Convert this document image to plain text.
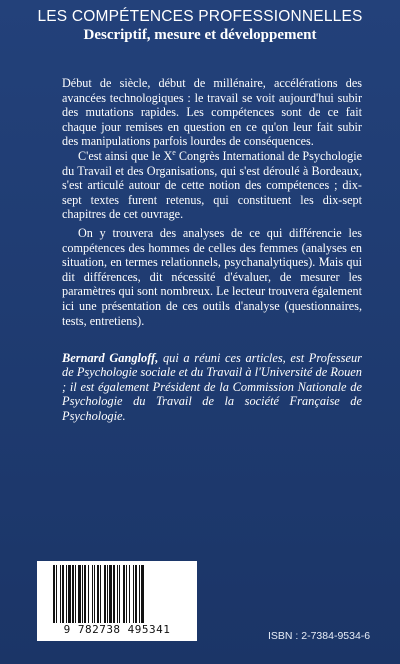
LES COMPÉTENCES PROFESSIONNELLES
Descriptif, mesure et développement

Début de siècle, début de millénaire, accélérations des avancées technologiques : le travail se voit aujourd'hui subir des mutations rapides. Les compétences sont de ce fait chaque jour remises en question en ce qu'on leur fait subir des manipulations parfois lourdes de conséquences.

C'est ainsi que le Xe Congrès International de Psychologie du Travail et des Organisations, qui s'est déroulé à Bordeaux, s'est articulé autour de cette notion des compétences ; dix-sept textes furent retenus, qui constituent les dix-sept chapitres de cet ouvrage.

On y trouvera des analyses de ce qui différencie les compétences des hommes de celles des femmes (analyses en situation, en termes relationnels, psychanalytiques). Mais qui dit différences, dit nécessité d'évaluer, de mesurer les paramètres qui sont nombreux. Le lecteur trouvera également ici une présentation de ces outils d'analyse (questionnaires, tests, entretiens).

Bernard Gangloff, qui a réuni ces articles, est Professeur de Psychologie sociale et du Travail à l'Université de Rouen ; il est également Président de la Commission Nationale de Psychologie du Travail de la société Française de Psychologie.
9 782738 495341	ISBN : 2-7384-9534-6
